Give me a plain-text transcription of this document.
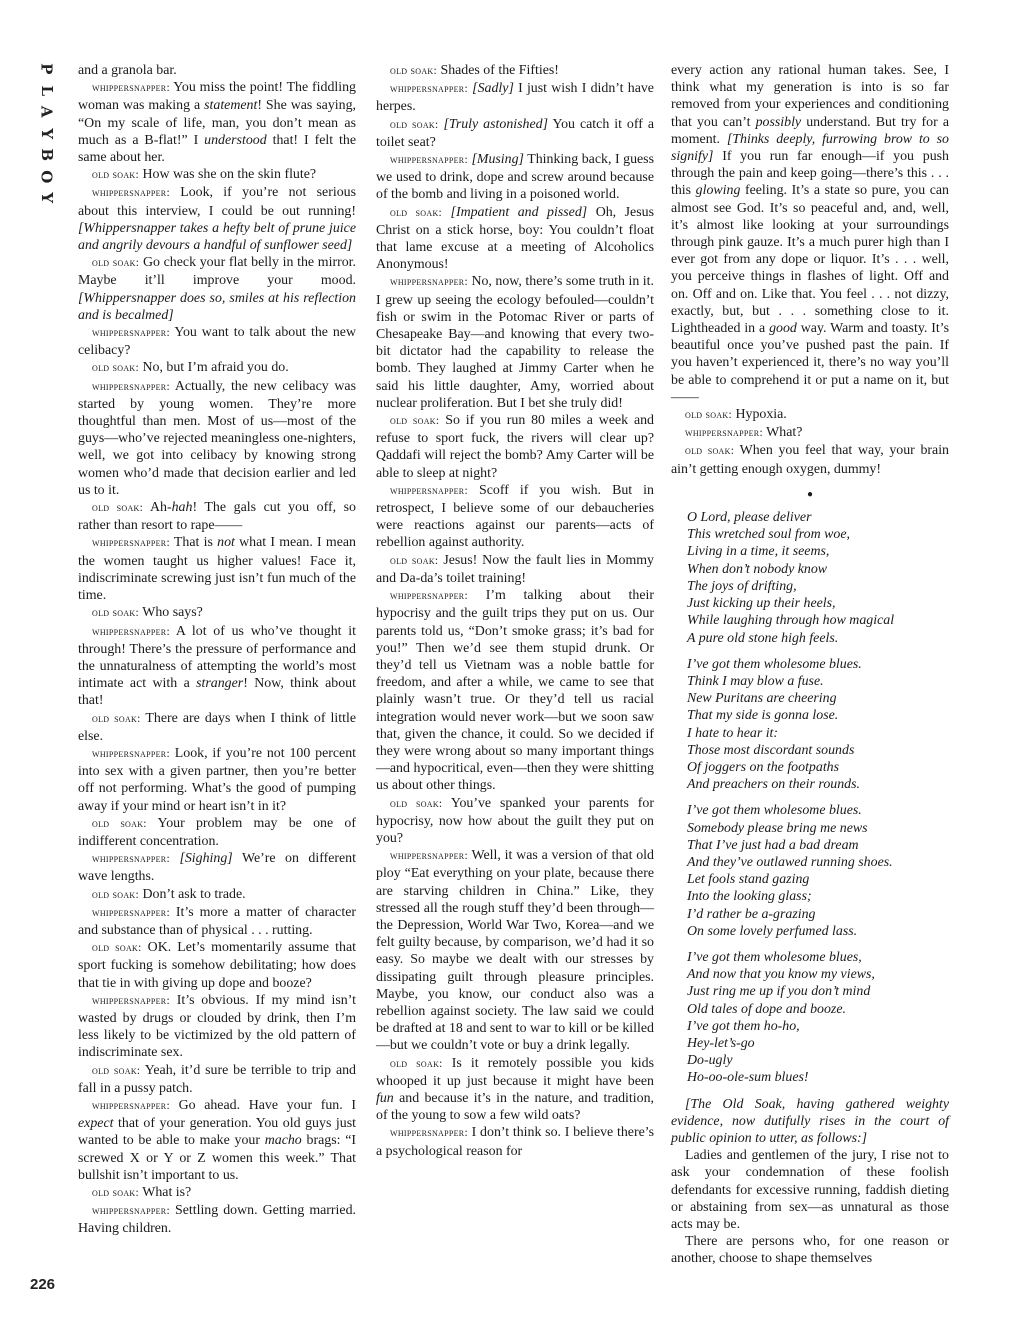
P
L
A
Y
B
O
Y
226

and a granola bar.

whippersnapper: You miss the point! The fiddling woman was making a statement! She was saying, “On my scale of life, man, you don’t mean as much as a B-flat!” I understood that! I felt the same about her.

old soak: How was she on the skin flute?

whippersnapper: Look, if you’re not serious about this interview, I could be out running! [Whippersnapper takes a hefty belt of prune juice and angrily devours a handful of sunflower seed]

old soak: Go check your flat belly in the mirror. Maybe it’ll improve your mood. [Whippersnapper does so, smiles at his reflection and is becalmed]

whippersnapper: You want to talk about the new celibacy?

old soak: No, but I’m afraid you do.

whippersnapper: Actually, the new celibacy was started by young women. They’re more thoughtful than men. Most of us—most of the guys—who’ve rejected meaningless one-nighters, well, we got into celibacy by knowing strong women who’d made that decision earlier and led us to it.

old soak: Ah-hah! The gals cut you off, so rather than resort to rape——

whippersnapper: That is not what I mean. I mean the women taught us higher values! Face it, indiscriminate screwing just isn’t fun much of the time.

old soak: Who says?

whippersnapper: A lot of us who’ve thought it through! There’s the pressure of performance and the unnaturalness of attempting the world’s most intimate act with a stranger! Now, think about that!

old soak: There are days when I think of little else.

whippersnapper: Look, if you’re not 100 percent into sex with a given partner, then you’re better off not performing. What’s the good of pumping away if your mind or heart isn’t in it?

old soak: Your problem may be one of indifferent concentration.

whippersnapper: [Sighing] We’re on different wave lengths.

old soak: Don’t ask to trade.

whippersnapper: It’s more a matter of character and substance than of physical . . . rutting.

old soak: OK. Let’s momentarily assume that sport fucking is somehow debilitating; how does that tie in with giving up dope and booze?

whippersnapper: It’s obvious. If my mind isn’t wasted by drugs or clouded by drink, then I’m less likely to be victimized by the old pattern of indiscriminate sex.

old soak: Yeah, it’d sure be terrible to trip and fall in a pussy patch.

whippersnapper: Go ahead. Have your fun. I expect that of your generation. You old guys just wanted to be able to make your macho brags: “I screwed X or Y or Z women this week.” That bullshit isn’t important to us.

old soak: What is?

whippersnapper: Settling down. Getting married. Having children.

old soak: Shades of the Fifties!

whippersnapper: [Sadly] I just wish I didn’t have herpes.

old soak: [Truly astonished] You catch it off a toilet seat?

whippersnapper: [Musing] Thinking back, I guess we used to drink, dope and screw around because of the bomb and living in a poisoned world.

old soak: [Impatient and pissed] Oh, Jesus Christ on a stick horse, boy: You couldn’t float that lame excuse at a meeting of Alcoholics Anonymous!

whippersnapper: No, now, there’s some truth in it. I grew up seeing the ecology befouled—couldn’t fish or swim in the Potomac River or parts of Chesapeake Bay—and knowing that every two-bit dictator had the capability to release the bomb. They laughed at Jimmy Carter when he said his little daughter, Amy, worried about nuclear proliferation. But I bet she truly did!

old soak: So if you run 80 miles a week and refuse to sport fuck, the rivers will clear up? Qaddafi will reject the bomb? Amy Carter will be able to sleep at night?

whippersnapper: Scoff if you wish. But in retrospect, I believe some of our debaucheries were reactions against our parents—acts of rebellion against authority.

old soak: Jesus! Now the fault lies in Mommy and Da-da’s toilet training!

whippersnapper: I’m talking about their hypocrisy and the guilt trips they put on us. Our parents told us, “Don’t smoke grass; it’s bad for you!” Then we’d see them stupid drunk. Or they’d tell us Vietnam was a noble battle for freedom, and after a while, we came to see that plainly wasn’t true. Or they’d tell us racial integration would never work—but we soon saw that, given the chance, it could. So we decided if they were wrong about so many important things—and hypocritical, even—then they were shitting us about other things.

old soak: You’ve spanked your parents for hypocrisy, now how about the guilt they put on you?

whippersnapper: Well, it was a version of that old ploy “Eat everything on your plate, because there are starving children in China.” Like, they stressed all the rough stuff they’d been through—the Depression, World War Two, Korea—and we felt guilty because, by comparison, we’d had it so easy. So maybe we dealt with our stresses by dissipating guilt through pleasure principles. Maybe, you know, our conduct also was a rebellion against society. The law said we could be drafted at 18 and sent to war to kill or be killed—but we couldn’t vote or buy a drink legally.

old soak: Is it remotely possible you kids whooped it up just because it might have been fun and because it’s in the nature, and tradition, of the young to sow a few wild oats?

whippersnapper: I don’t think so. I believe there’s a psychological reason for

every action any rational human takes. See, I think what my generation is into is so far removed from your experiences and conditioning that you can’t possibly understand. But try for a moment. [Thinks deeply, furrowing brow to so signify] If you run far enough—if you push through the pain and keep going—there’s this . . . this glowing feeling. It’s a state so pure, you can almost see God. It’s so peaceful and, and, well, it’s almost like looking at your surroundings through pink gauze. It’s a much purer high than I ever got from any dope or liquor. It’s . . . well, you perceive things in flashes of light. Off and on. Off and on. Like that. You feel . . . not dizzy, exactly, but, but . . . something close to it. Lightheaded in a good way. Warm and toasty. It’s beautiful once you’ve pushed past the pain. If you haven’t experienced it, there’s no way you’ll be able to comprehend it or put a name on it, but——

old soak: Hypoxia.

whippersnapper: What?

old soak: When you feel that way, your brain ain’t getting enough oxygen, dummy!

●
O Lord, please deliver
This wretched soul from woe,
Living in a time, it seems,
When don’t nobody know
The joys of drifting,
Just kicking up their heels,
While laughing through how magical
A pure old stone high feels.
I’ve got them wholesome blues.
Think I may blow a fuse.
New Puritans are cheering
That my side is gonna lose.
I hate to hear it:
Those most discordant sounds
Of joggers on the footpaths
And preachers on their rounds.
I’ve got them wholesome blues.
Somebody please bring me news
That I’ve just had a bad dream
And they’ve outlawed running shoes.
Let fools stand gazing
Into the looking glass;
I’d rather be a-grazing
On some lovely perfumed lass.
I’ve got them wholesome blues,
And now that you know my views,
Just ring me up if you don’t mind
Old tales of dope and booze.
I’ve got them ho-ho,
Hey-let’s-go
Do-ugly
Ho-oo-ole-sum blues!

[The Old Soak, having gathered weighty evidence, now dutifully rises in the court of public opinion to utter, as follows:]

Ladies and gentlemen of the jury, I rise not to ask your condemnation of these foolish defendants for excessive running, faddish dieting or abstaining from sex—as unnatural as those acts may be.

There are persons who, for one reason or another, choose to shape themselves
